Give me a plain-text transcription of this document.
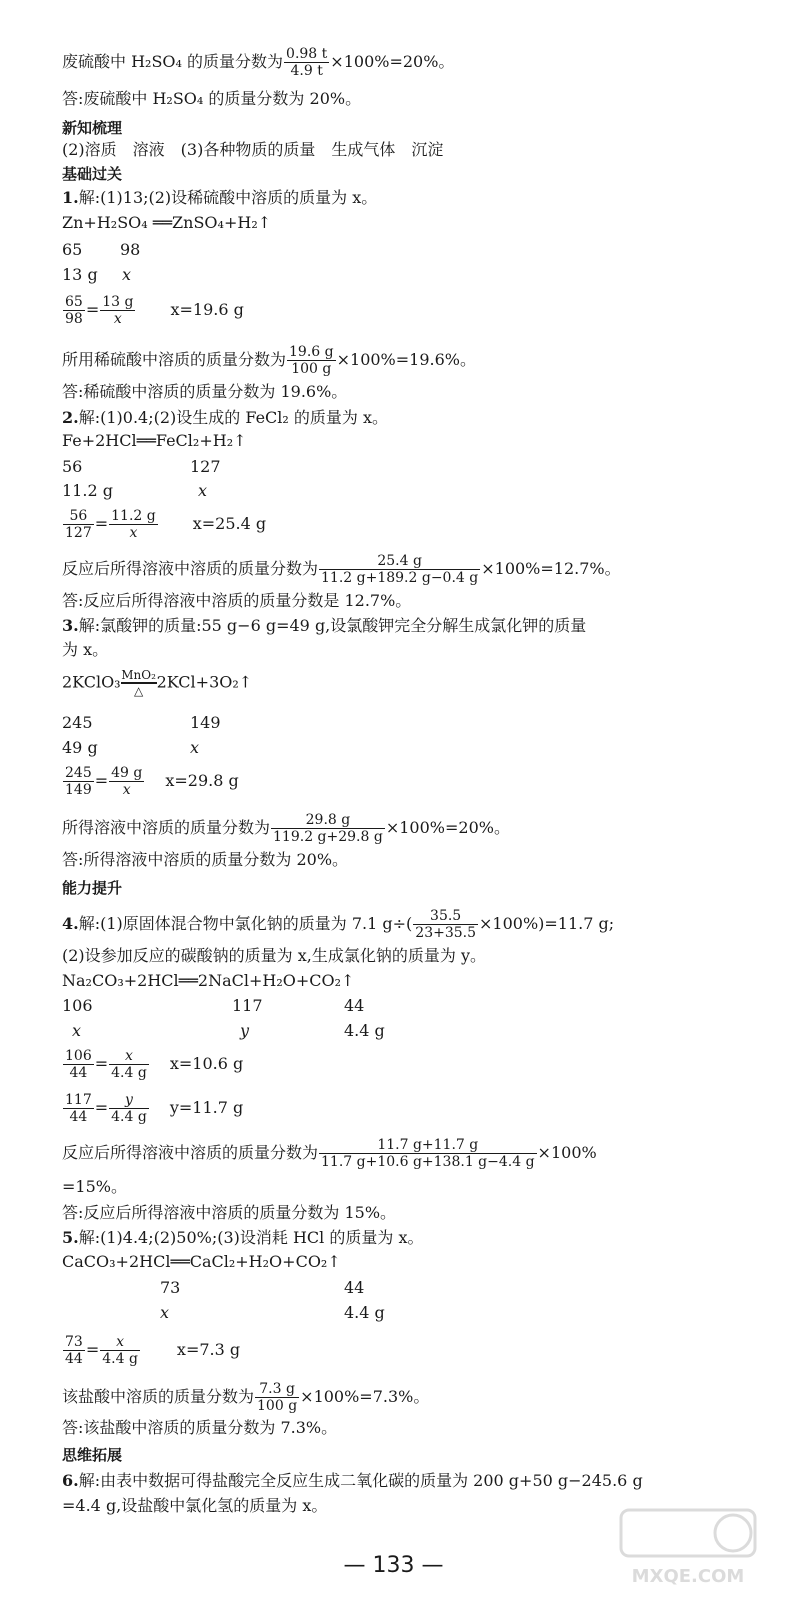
废硫酸中 H₂SO₄ 的质量分数为 $\frac{0.98 t}{4.9 t} \times 100\%=20\%$。
答:废硫酸中 H₂SO₄ 的质量分数为 20%。
新知梳理
(2)溶质　溶液　(3)各种物质的质量　生成气体　沉淀
基础过关
1.解:(1)13;(2)设稀硫酸中溶质的质量为 x。
Zn+H₂SO₄ ══ZnSO₄+H₂↑
65 98
13 g x
$\frac{65}{98} = \frac{13 g}{x} x=19.6$ g
所用稀硫酸中溶质的质量分数为 $\frac{19.6 g}{100 g} \times 100\%=19.6\%$。
答:稀硫酸中溶质的质量分数为 19.6%。
2.解:(1)0.4;(2)设生成的 FeCl₂ 的质量为 x。
Fe+2HCl══FeCl₂+H₂↑
56	127
11.2 g	x
$\frac{56}{127} = \frac{11.2 g}{x} x=25.4$ g
反应后所得溶液中溶质的质量分数为 $\frac{25.4 g}{11.2 g+189.2 g-0.4 g} \times 100\%=12.7\%$。
答:反应后所得溶液中溶质的质量分数是 12.7%。
3.解:氯酸钾的质量:55 g−6 g=49 g,设氯酸钾完全分解生成氯化钾的质量
为 x。
2KClO₃ MnO₂
△ 2KCl+3O₂↑
245	149
49 g	x
$\frac{245}{149} = \frac{49 g}{x} x=29.8$ g
所得溶液中溶质的质量分数为 $\frac{29.8 g}{119.2 g+29.8 g} \times 100\%=20\%$。
答:所得溶液中溶质的质量分数为 20%。
能力提升
4.解:(1)原固体混合物中氯化钠的质量为 7.1 $g\div( \frac{35.5}{23+35.5} \times 100\%)=11.7$ g;
(2)设参加反应的碳酸钠的质量为 x,生成氯化钠的质量为 y。
Na₂CO₃+2HCl══2NaCl+H₂O+CO₂↑
106	117	44
x	y	4.4 g
$\frac{106}{44} = \frac{x}{4.4 g} x=10.6$ g
$\frac{117}{44} = \frac{y}{4.4 g} y=11.7$ g
反应后所得溶液中溶质的质量分数为 $\frac{11.7 g+11.7 g}{11.7 g+10.6 g+138.1 g-4.4 g} \times 100\%$
=15%。
答:反应后所得溶液中溶质的质量分数为 15%。
5.解:(1)4.4;(2)50%;(3)设消耗 HCl 的质量为 x。
CaCO₃+2HCl══CaCl₂+H₂O+CO₂↑
73	44
x	4.4 g
$\frac{73}{44} = \frac{x}{4.4 g} x=7.3$ g
该盐酸中溶质的质量分数为 $\frac{7.3 g}{100 g} \times 100\%=7.3\%$。
答:该盐酸中溶质的质量分数为 7.3%。
思维拓展
6.解:由表中数据可得盐酸完全反应生成二氧化碳的质量为 200 g+50 g−245.6 g
=4.4 g,设盐酸中氯化氢的质量为 x。
— 133 —	MXQE.COM
